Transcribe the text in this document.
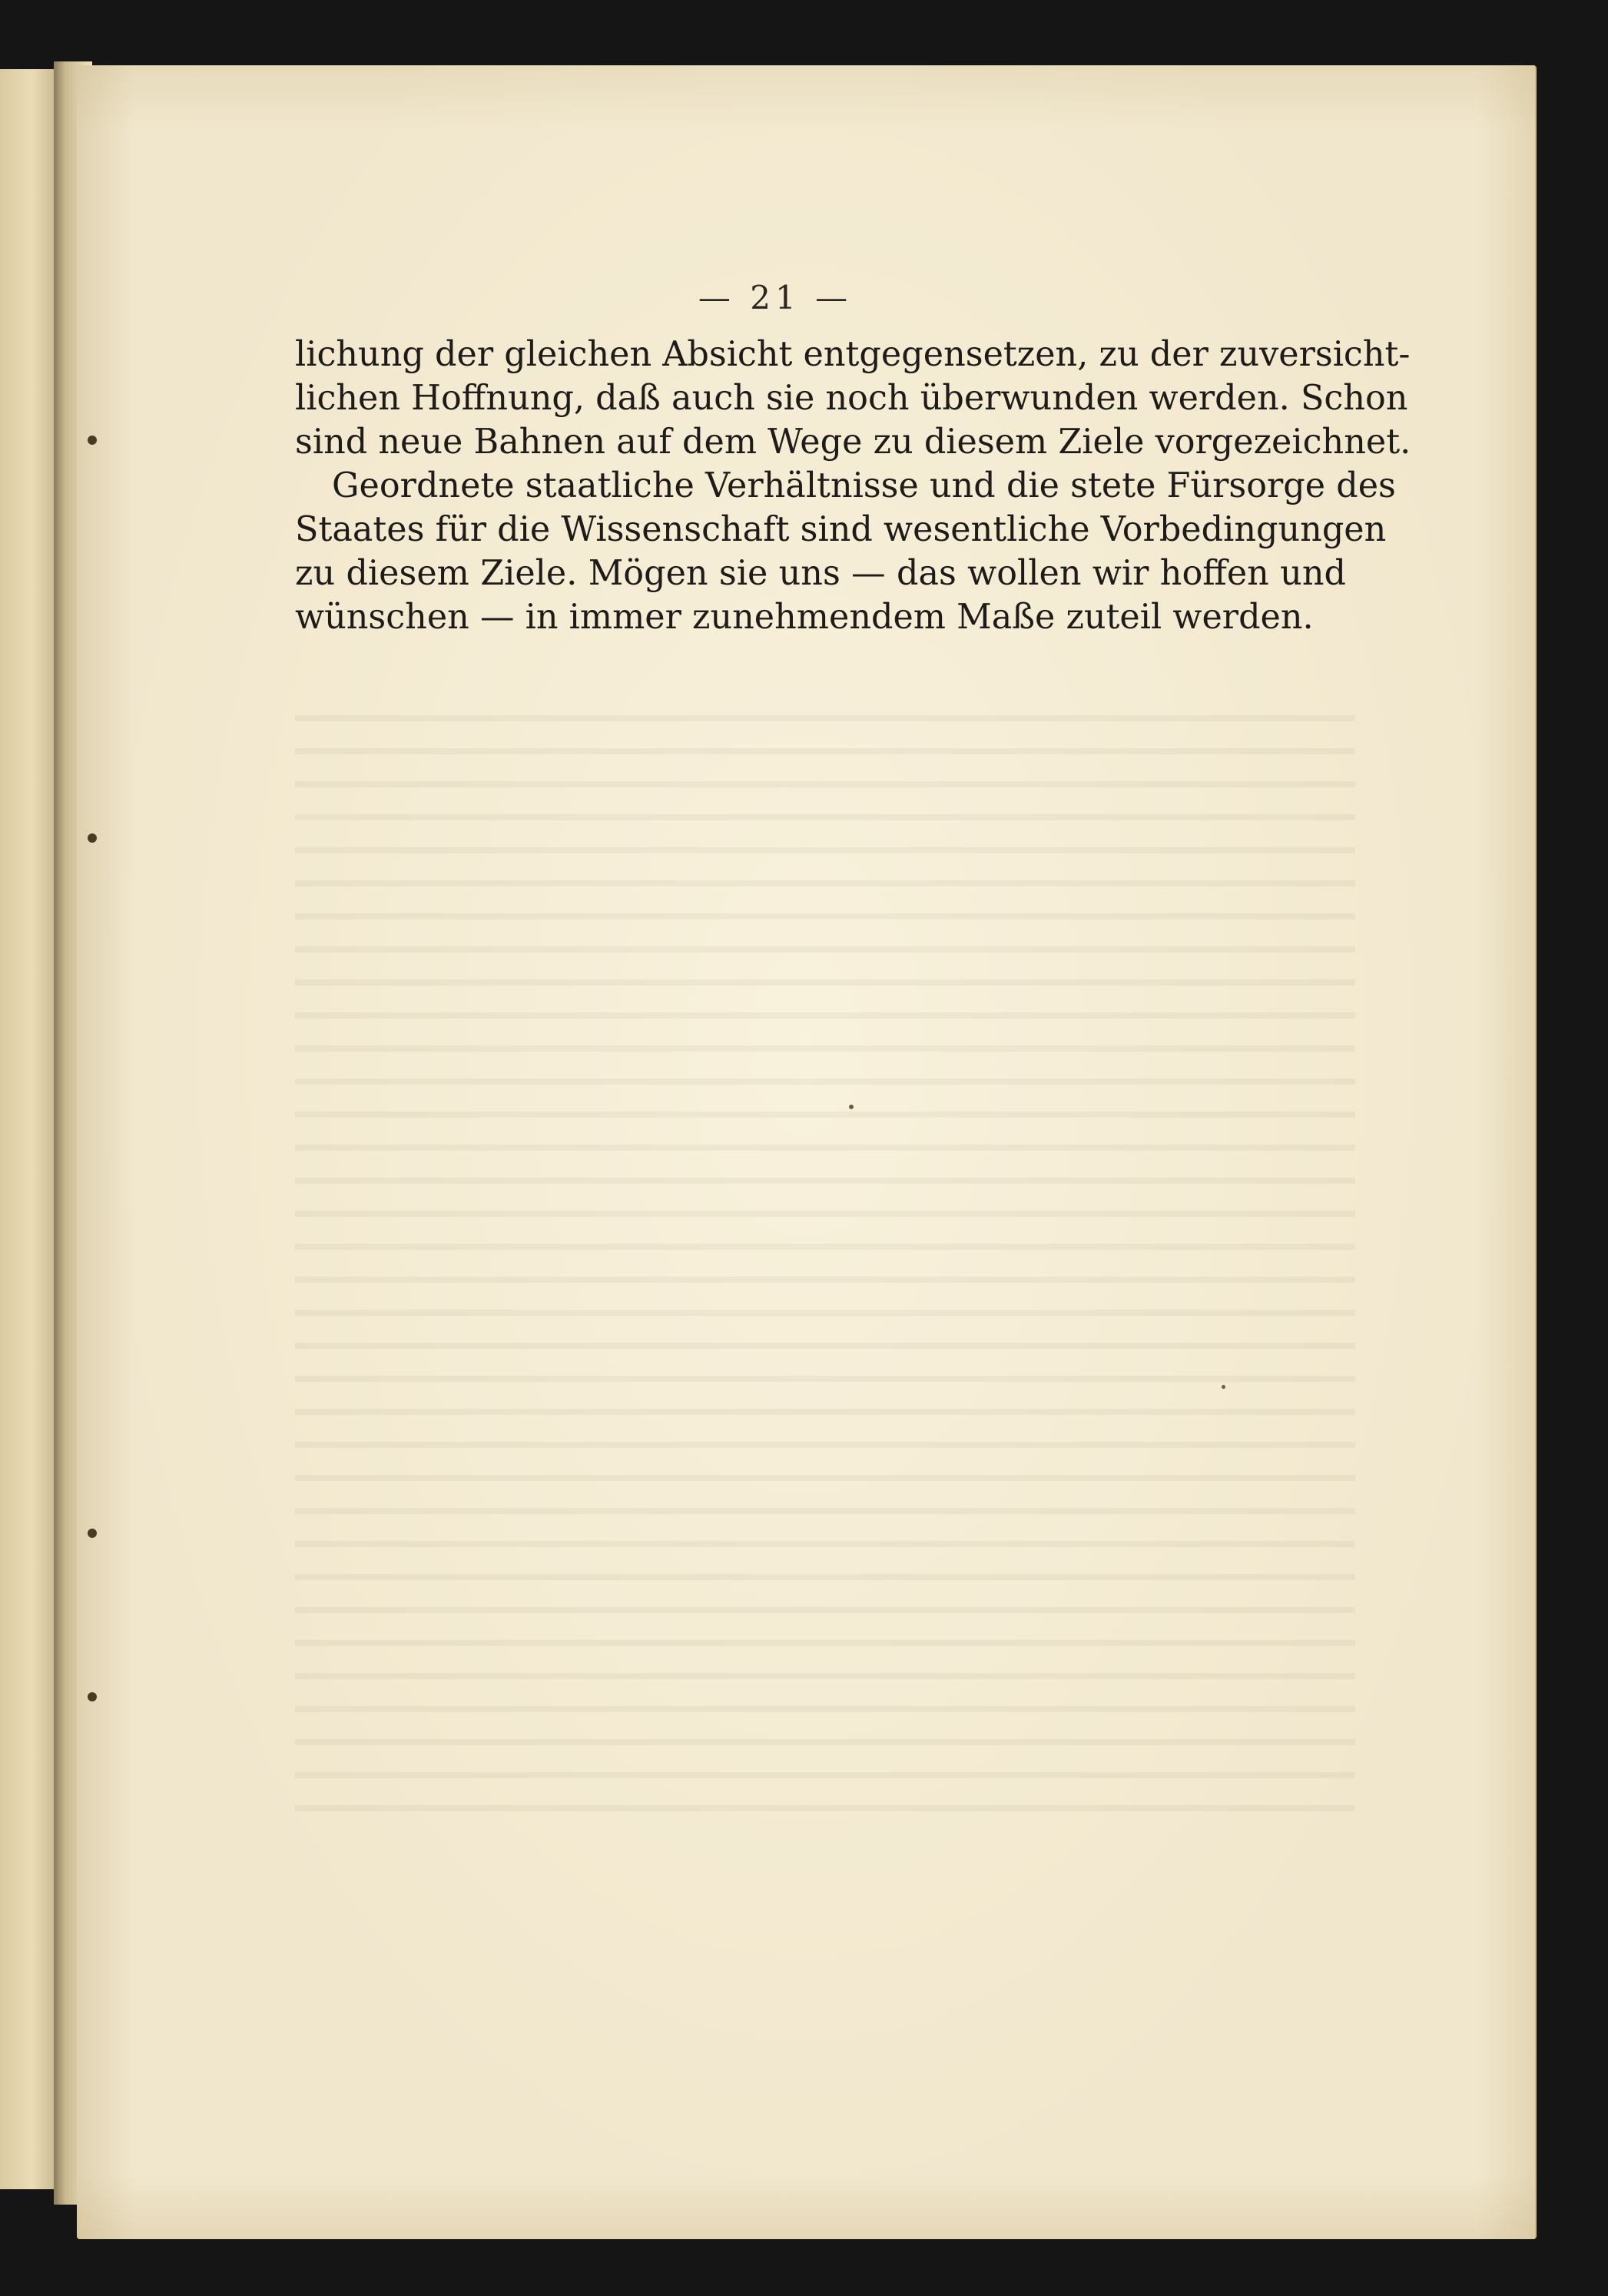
— 21 —
lichung der gleichen Absicht entgegensetzen, zu der zuversicht-
lichen Hoffnung, daß auch sie noch überwunden werden. Schon
sind neue Bahnen auf dem Wege zu diesem Ziele vorgezeichnet.
Geordnete staatliche Verhältnisse und die stete Fürsorge des
Staates für die Wissenschaft sind wesentliche Vorbedingungen
zu diesem Ziele. Mögen sie uns — das wollen wir hoffen und
wünschen — in immer zunehmendem Maße zuteil werden.
